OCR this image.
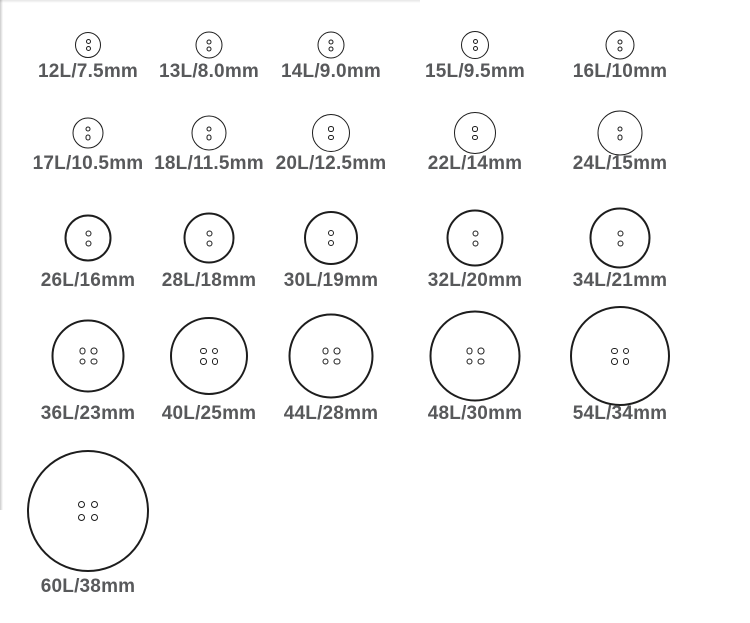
12L/7.5mm 13L/8.0mm 14L/9.0mm 15L/9.5mm	16L/10mm
17L/10.5mm 18L/11.5mm 20L/12.5mm 22L/14mm	24L/15mm
26L/16mm 28L/18mm 30L/19mm	32L/20mm	34L/21mm
36L/23mm 40L/25mm 44L/28mm	48L/30mm	54L/34mm
60L/38mm
